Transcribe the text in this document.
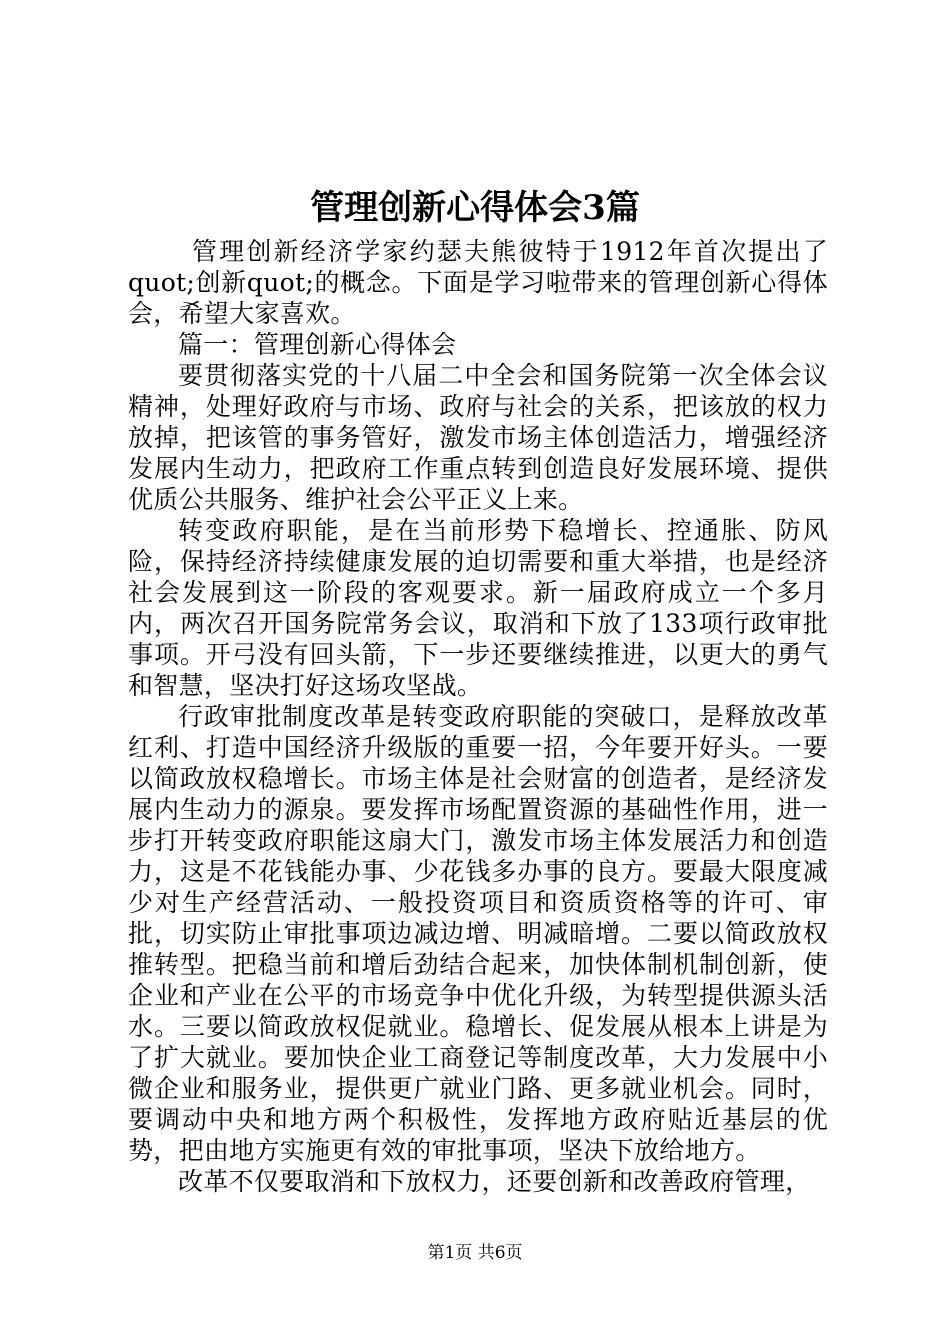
管理创新心得体会3篇

管理创新经济学家约瑟夫熊彼特于1912年首次提出了quot;创新quot;的概念。下面是学习啦带来的管理创新心得体会，希望大家喜欢。

篇一：管理创新心得体会

要贯彻落实党的十八届二中全会和国务院第一次全体会议精神，处理好政府与市场、政府与社会的关系，把该放的权力放掉，把该管的事务管好，激发市场主体创造活力，增强经济发展内生动力，把政府工作重点转到创造良好发展环境、提供优质公共服务、维护社会公平正义上来。

转变政府职能，是在当前形势下稳增长、控通胀、防风险，保持经济持续健康发展的迫切需要和重大举措，也是经济社会发展到这一阶段的客观要求。新一届政府成立一个多月内，两次召开国务院常务会议，取消和下放了133项行政审批事项。开弓没有回头箭，下一步还要继续推进，以更大的勇气和智慧，坚决打好这场攻坚战。

行政审批制度改革是转变政府职能的突破口，是释放改革红利、打造中国经济升级版的重要一招，今年要开好头。一要以简政放权稳增长。市场主体是社会财富的创造者，是经济发展内生动力的源泉。要发挥市场配置资源的基础性作用，进一步打开转变政府职能这扇大门，激发市场主体发展活力和创造力，这是不花钱能办事、少花钱多办事的良方。要最大限度减少对生产经营活动、一般投资项目和资质资格等的许可、审批，切实防止审批事项边减边增、明减暗增。二要以简政放权推转型。把稳当前和增后劲结合起来，加快体制机制创新，使企业和产业在公平的市场竞争中优化升级，为转型提供源头活水。三要以简政放权促就业。稳增长、促发展从根本上讲是为了扩大就业。要加快企业工商登记等制度改革，大力发展中小微企业和服务业，提供更广就业门路、更多就业机会。同时，要调动中央和地方两个积极性，发挥地方政府贴近基层的优势，把由地方实施更有效的审批事项，坚决下放给地方。

改革不仅要取消和下放权力，还要创新和改善政府管理，

第1页 共6页
